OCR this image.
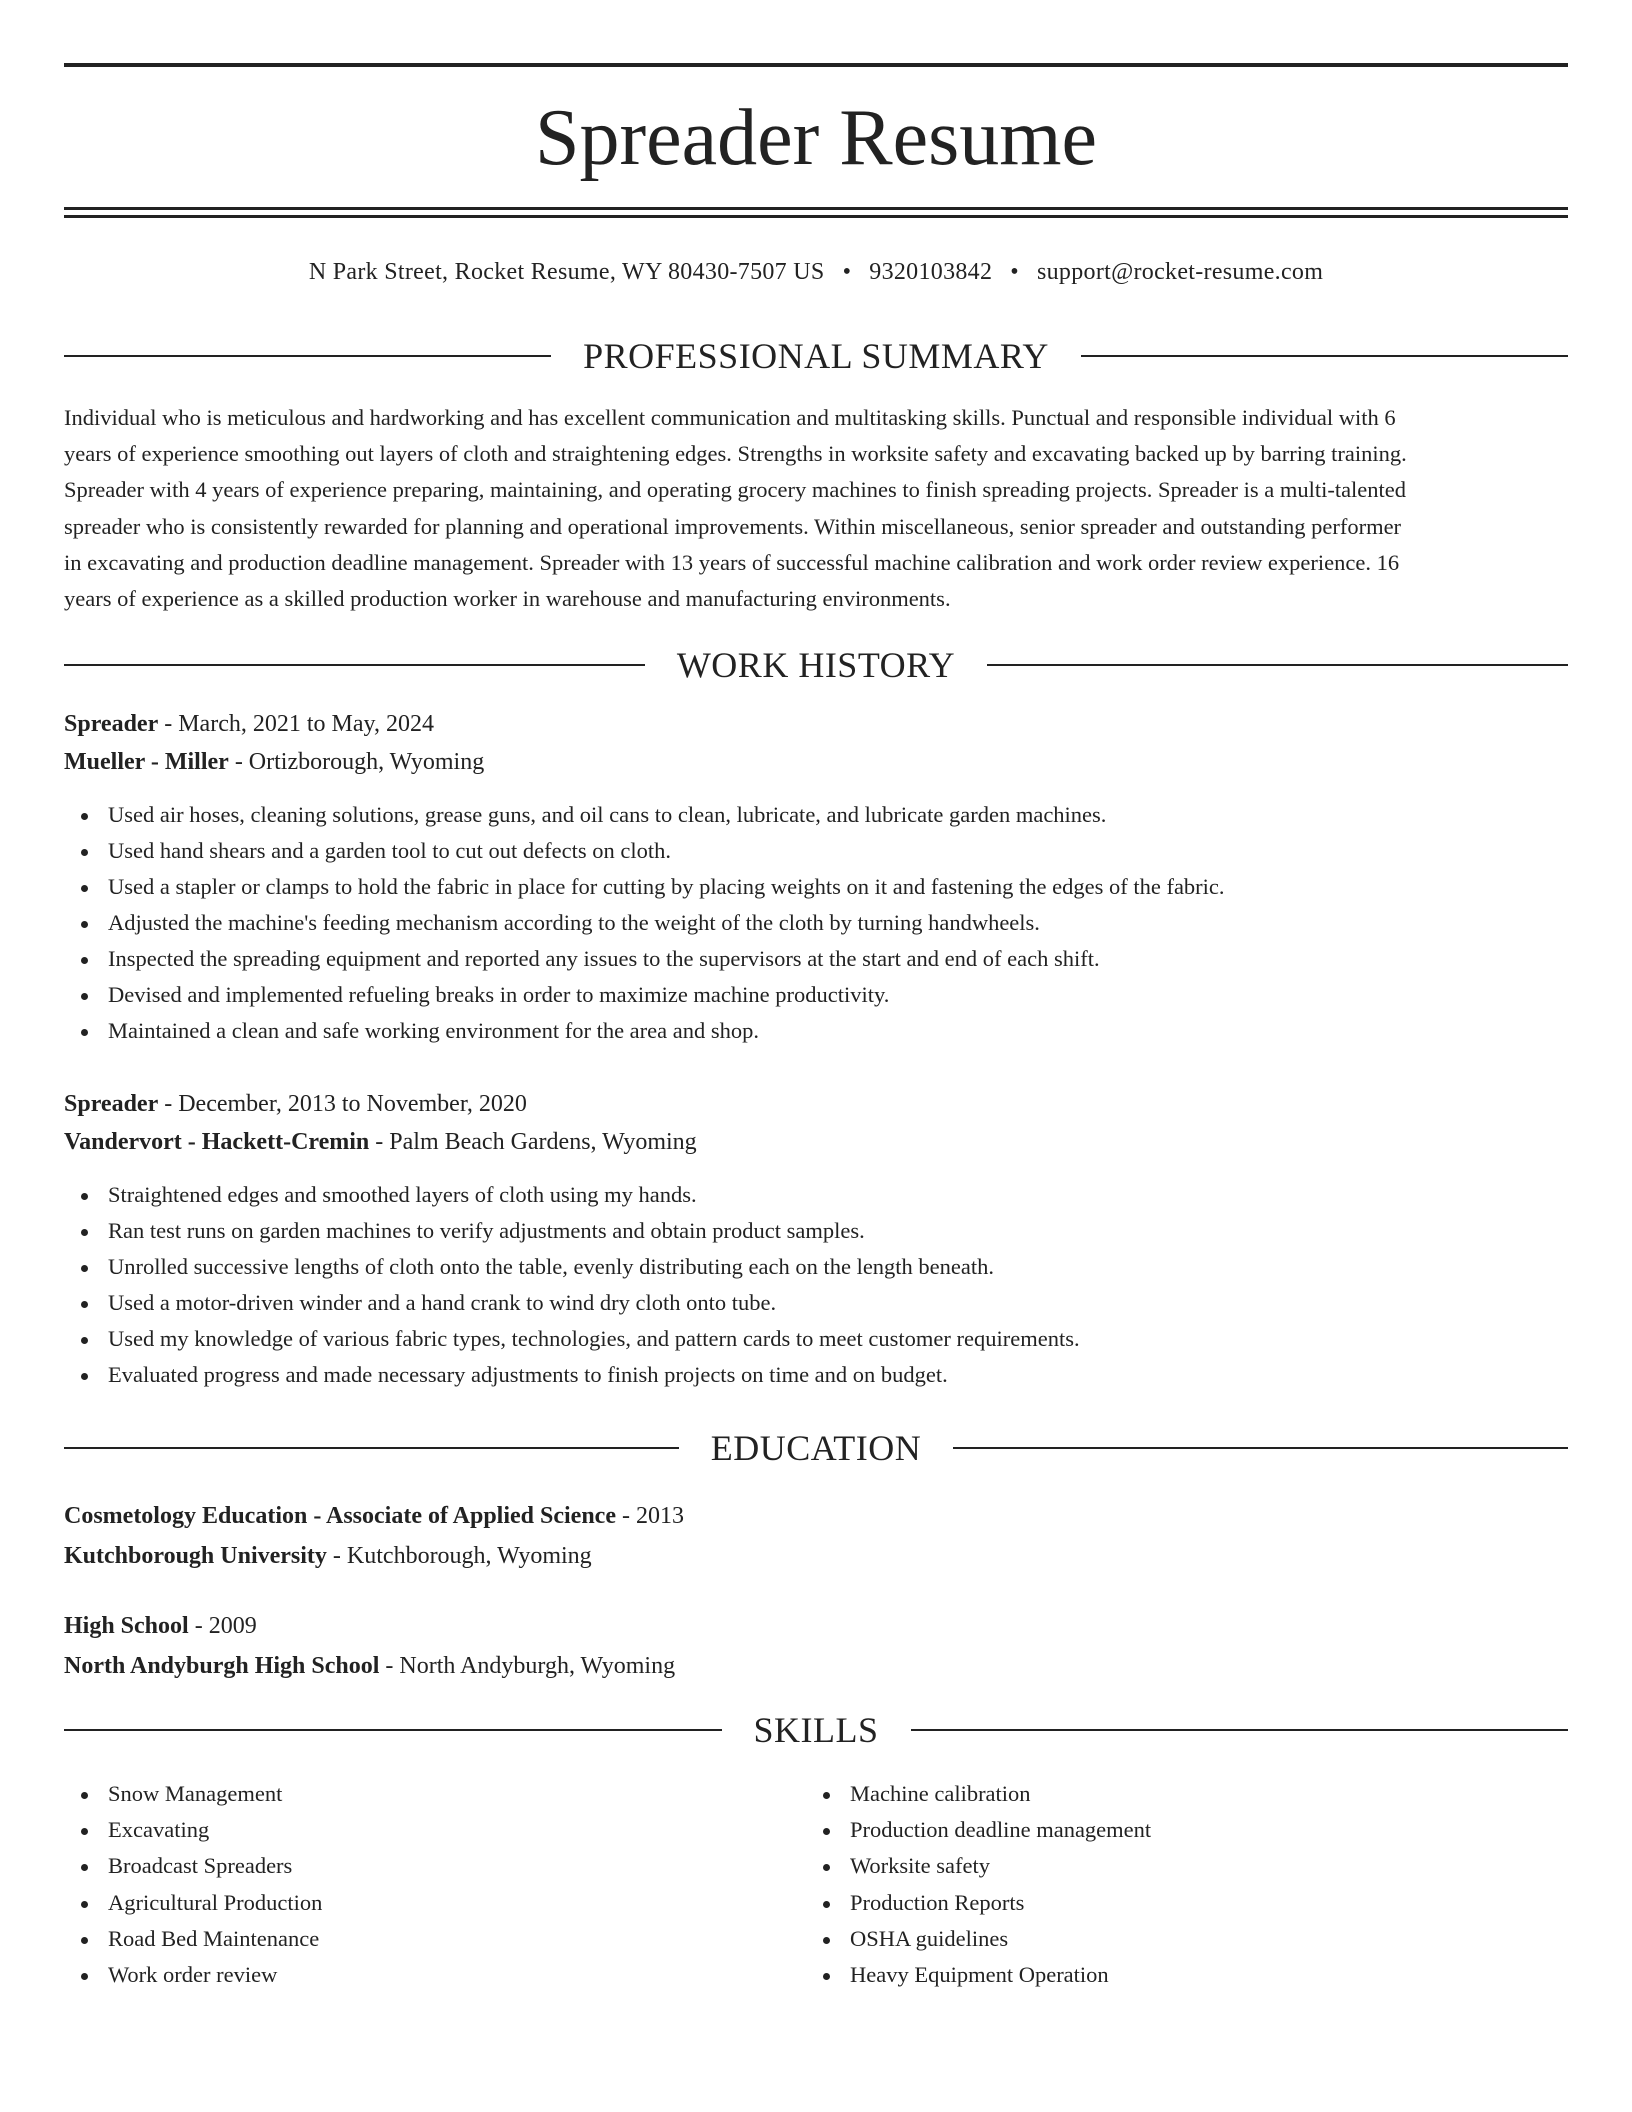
Spreader Resume
N Park Street, Rocket Resume, WY 80430-7507 US • 9320103842 • support@rocket-resume.com
PROFESSIONAL SUMMARY
Individual who is meticulous and hardworking and has excellent communication and multitasking skills. Punctual and responsible individual with 6
years of experience smoothing out layers of cloth and straightening edges. Strengths in worksite safety and excavating backed up by barring training.
Spreader with 4 years of experience preparing, maintaining, and operating grocery machines to finish spreading projects. Spreader is a multi-talented
spreader who is consistently rewarded for planning and operational improvements. Within miscellaneous, senior spreader and outstanding performer
in excavating and production deadline management. Spreader with 13 years of successful machine calibration and work order review experience. 16
years of experience as a skilled production worker in warehouse and manufacturing environments.
WORK HISTORY
Spreader - March, 2021 to May, 2024
Mueller - Miller - Ortizborough, Wyoming
Used air hoses, cleaning solutions, grease guns, and oil cans to clean, lubricate, and lubricate garden machines.
Used hand shears and a garden tool to cut out defects on cloth.
Used a stapler or clamps to hold the fabric in place for cutting by placing weights on it and fastening the edges of the fabric.
Adjusted the machine's feeding mechanism according to the weight of the cloth by turning handwheels.
Inspected the spreading equipment and reported any issues to the supervisors at the start and end of each shift.
Devised and implemented refueling breaks in order to maximize machine productivity.
Maintained a clean and safe working environment for the area and shop.
Spreader - December, 2013 to November, 2020
Vandervort - Hackett-Cremin - Palm Beach Gardens, Wyoming
Straightened edges and smoothed layers of cloth using my hands.
Ran test runs on garden machines to verify adjustments and obtain product samples.
Unrolled successive lengths of cloth onto the table, evenly distributing each on the length beneath.
Used a motor-driven winder and a hand crank to wind dry cloth onto tube.
Used my knowledge of various fabric types, technologies, and pattern cards to meet customer requirements.
Evaluated progress and made necessary adjustments to finish projects on time and on budget.
EDUCATION
Cosmetology Education - Associate of Applied Science - 2013
Kutchborough University - Kutchborough, Wyoming
High School - 2009
North Andyburgh High School - North Andyburgh, Wyoming
SKILLS
Snow Management
Excavating
Broadcast Spreaders
Agricultural Production
Road Bed Maintenance
Work order review
Machine calibration
Production deadline management
Worksite safety
Production Reports
OSHA guidelines
Heavy Equipment Operation
